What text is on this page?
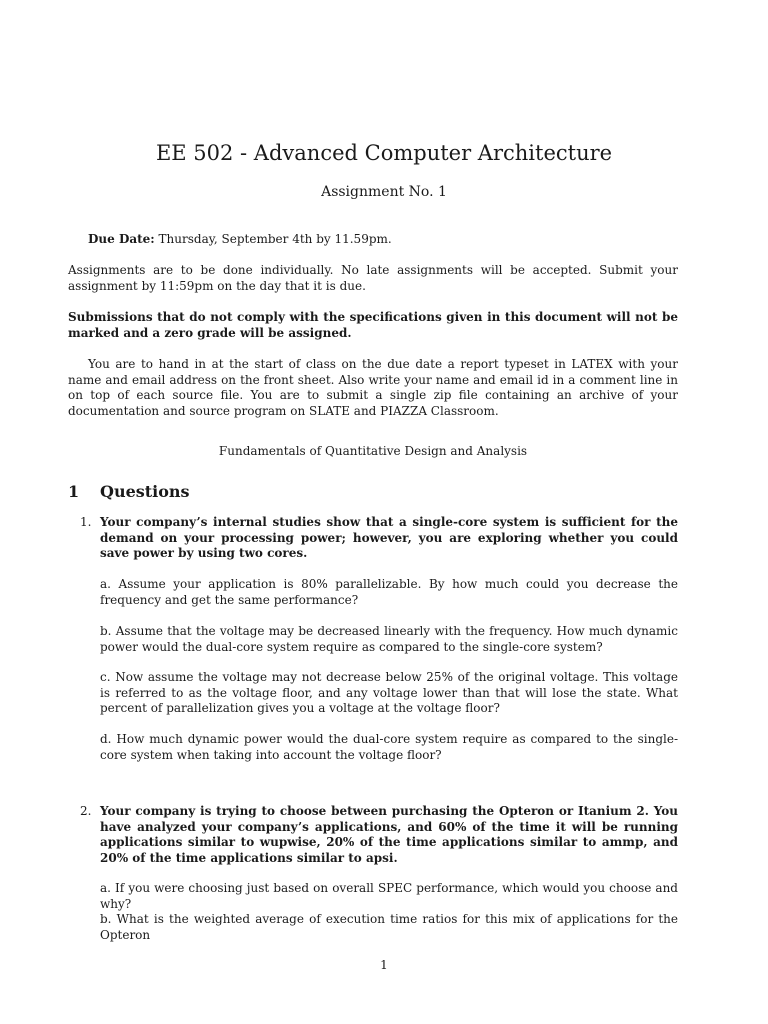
EE 502 - Advanced Computer Architecture
Assignment No. 1
Due Date: Thursday, September 4th by 11.59pm.
Assignments are to be done individually. No late assignments will be accepted. Submit your assignment by 11:59pm on the day that it is due.
Submissions that do not comply with the specifications given in this document will not be marked and a zero grade will be assigned.
You are to hand in at the start of class on the due date a report typeset in LATEX with your name and email address on the front sheet. Also write your name and email id in a comment line in on top of each source file. You are to submit a single zip file containing an archive of your documentation and source program on SLATE and PIAZZA Classroom.
Fundamentals of Quantitative Design and Analysis
1 Questions
1. Your company’s internal studies show that a single-core system is sufficient for the demand on your processing power; however, you are exploring whether you could save power by using two cores.
a. Assume your application is 80% parallelizable. By how much could you decrease the frequency and get the same performance?
b. Assume that the voltage may be decreased linearly with the frequency. How much dynamic power would the dual-core system require as compared to the single-core system?
c. Now assume the voltage may not decrease below 25% of the original voltage. This voltage is referred to as the voltage floor, and any voltage lower than that will lose the state. What percent of parallelization gives you a voltage at the voltage floor?
d. How much dynamic power would the dual-core system require as compared to the single-core system when taking into account the voltage floor?
2. Your company is trying to choose between purchasing the Opteron or Itanium 2. You have analyzed your company’s applications, and 60% of the time it will be running applications similar to wupwise, 20% of the time applications similar to ammp, and 20% of the time applications similar to apsi.
a. If you were choosing just based on overall SPEC performance, which would you choose and why?
b. What is the weighted average of execution time ratios for this mix of applications for the Opteron
1
